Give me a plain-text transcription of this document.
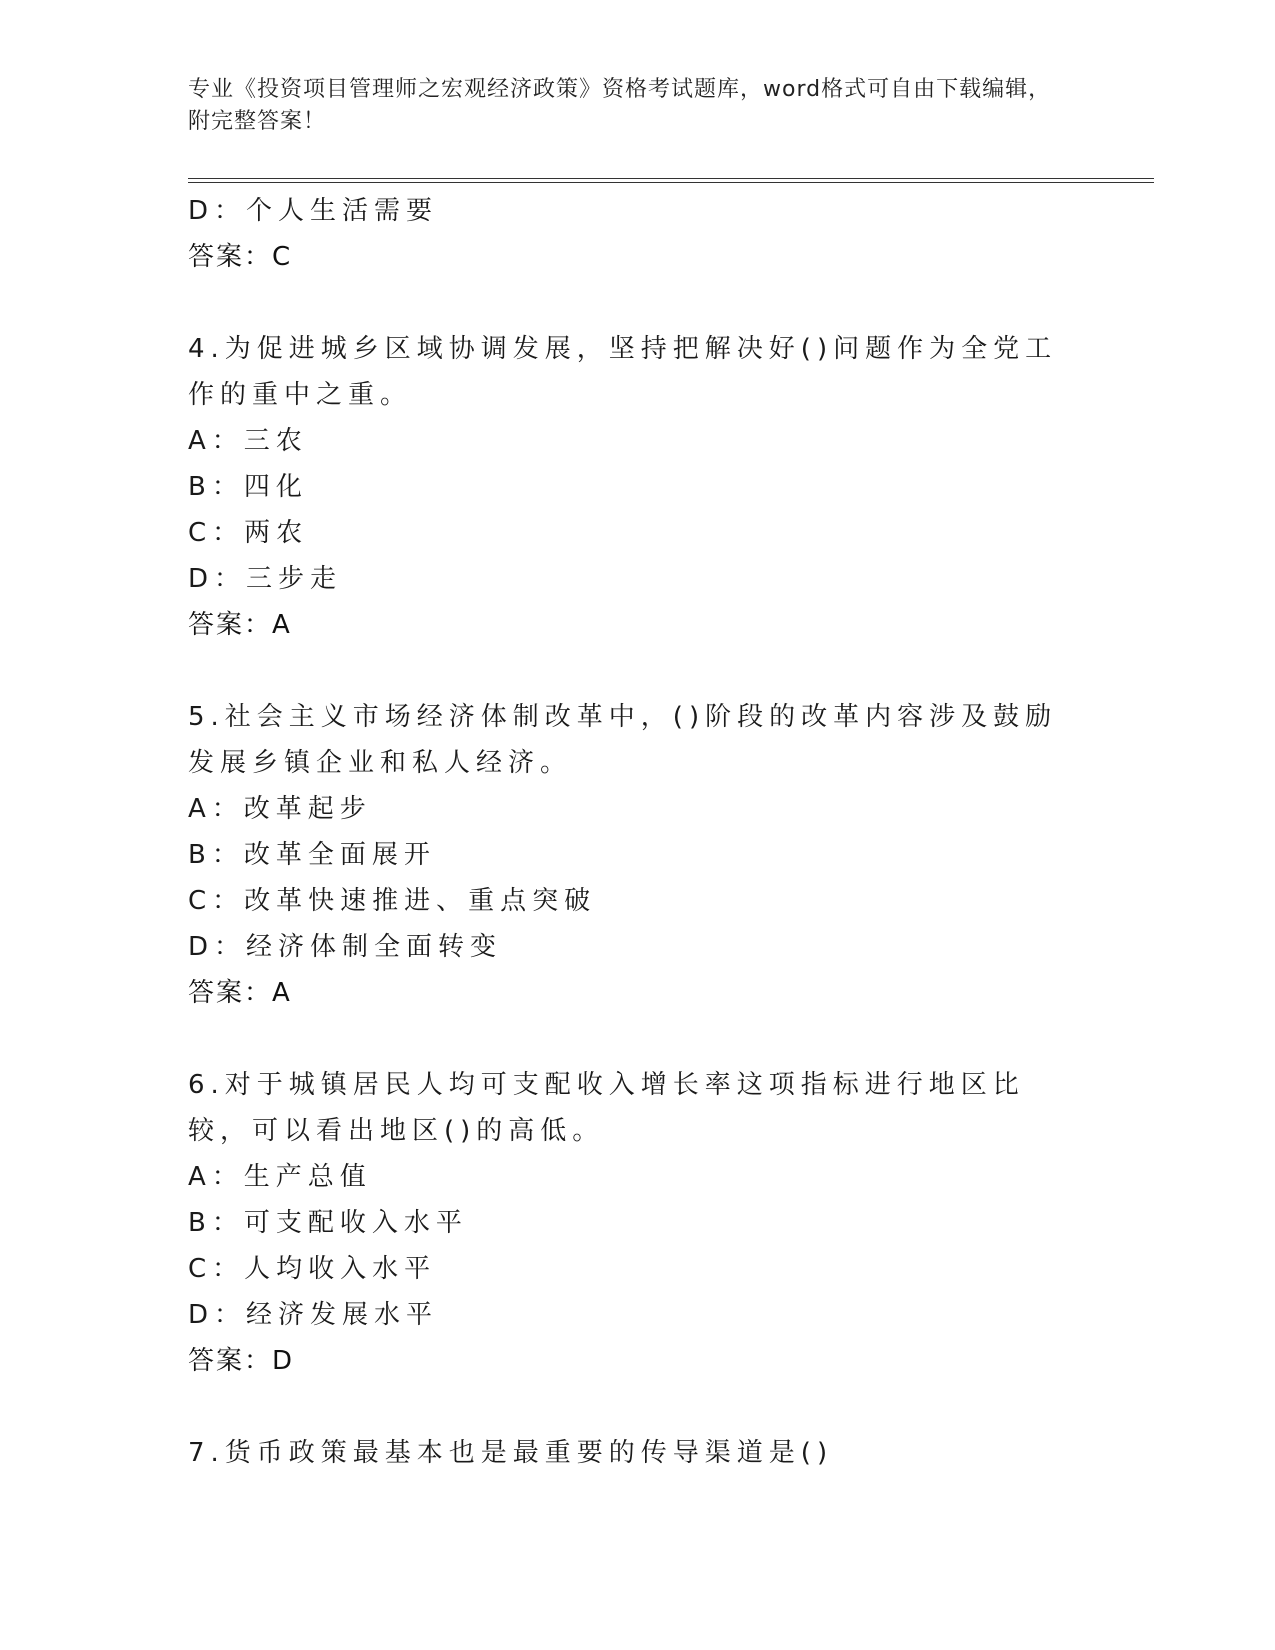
专业《投资项目管理师之宏观经济政策》资格考试题库，word格式可自由下载编辑，附完整答案！
D：个人生活需要
答案：C
4.为促进城乡区域协调发展，坚持把解决好()问题作为全党工作的重中之重。
A：三农
B：四化
C：两农
D：三步走
答案：A
5.社会主义市场经济体制改革中，()阶段的改革内容涉及鼓励发展乡镇企业和私人经济。
A：改革起步
B：改革全面展开
C：改革快速推进、重点突破
D：经济体制全面转变
答案：A
6.对于城镇居民人均可支配收入增长率这项指标进行地区比较，可以看出地区()的高低。
A：生产总值
B：可支配收入水平
C：人均收入水平
D：经济发展水平
答案：D
7.货币政策最基本也是最重要的传导渠道是()
